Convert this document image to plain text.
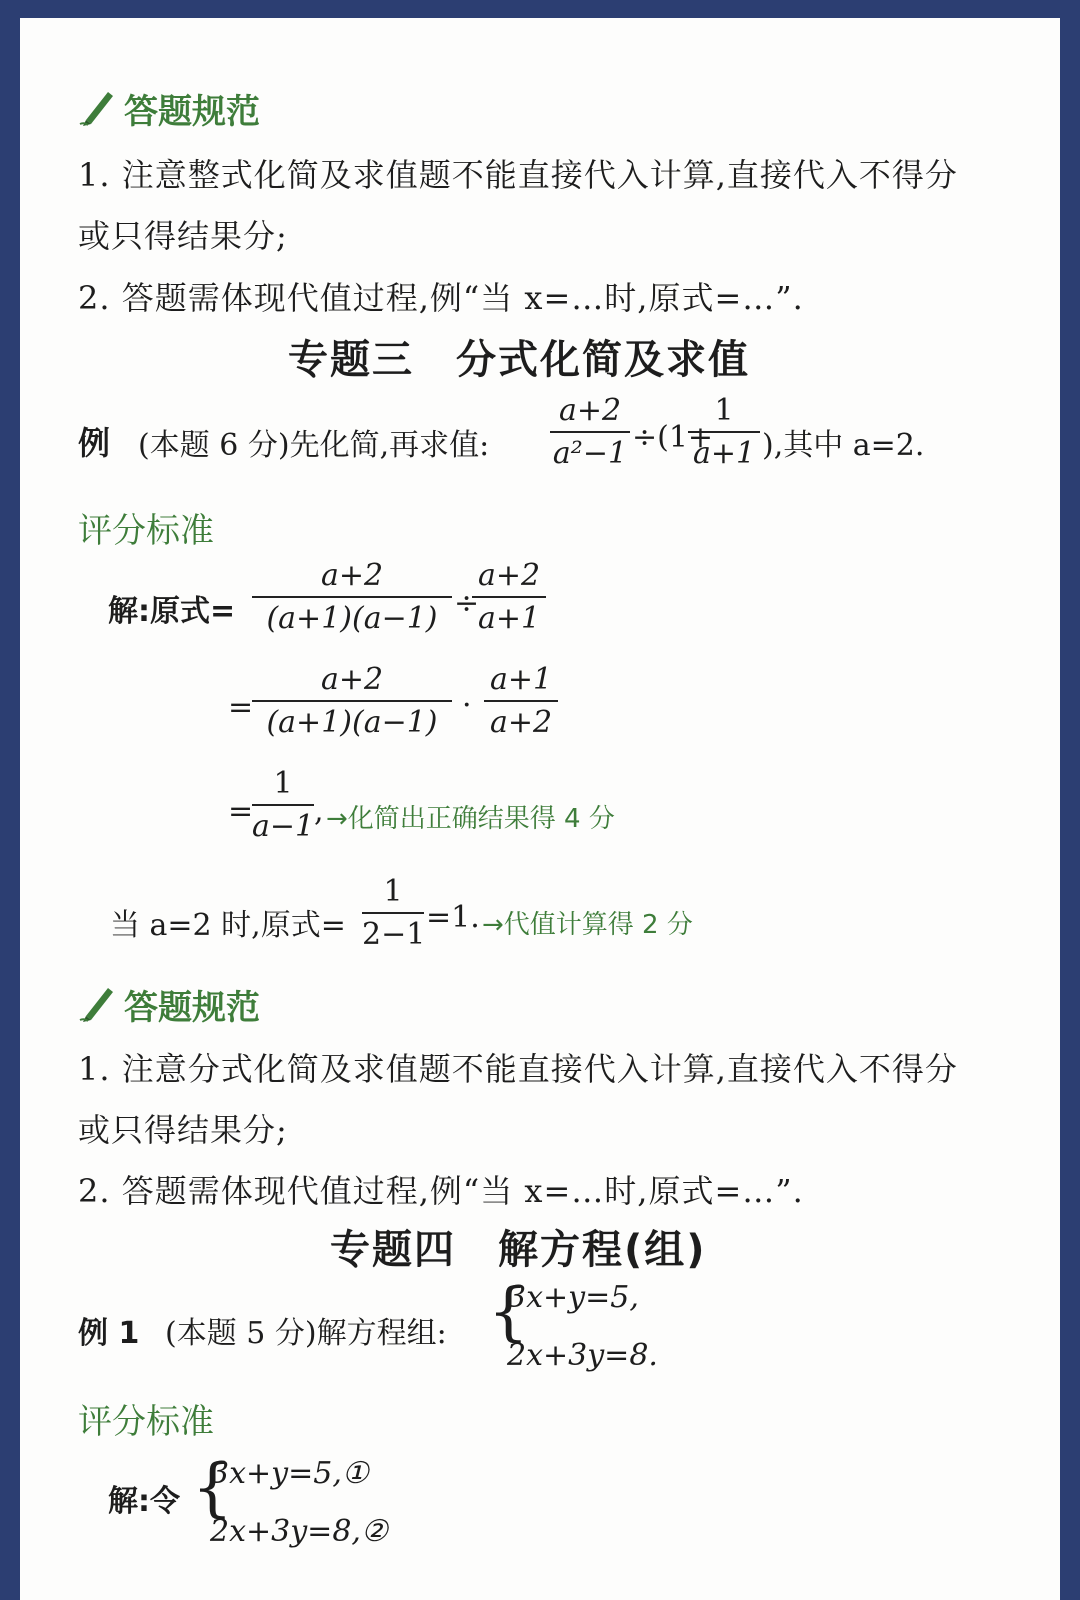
答题规范
1. 注意整式化简及求值题不能直接代入计算,直接代入不得分
或只得结果分;
2. 答题需体现代值过程,例“当 x=…时,原式=…”.
专题三　分式化简及求值
例 (本题 6 分)先化简,再求值:
a+2
a²−1 ÷(1+
1
a+1 ),其中 a=2.
评分标准
解:原式=
a+2
(a+1)(a−1) ÷
a+2
a+1
=
a+2
(a+1)(a−1) ·
a+1
a+2
=
1
a−1 , →化简出正确结果得 4 分
当 a=2 时,原式=
1
2−1 =1. →代值计算得 2 分
答题规范
1. 注意分式化简及求值题不能直接代入计算,直接代入不得分
或只得结果分;
2. 答题需体现代值过程,例“当 x=…时,原式=…”.
专题四　解方程(组)
例 1 (本题 5 分)解方程组: {
3x+y=5,
2x+3y=8.
评分标准
解:令 {
3x+y=5,①
2x+3y=8,②
